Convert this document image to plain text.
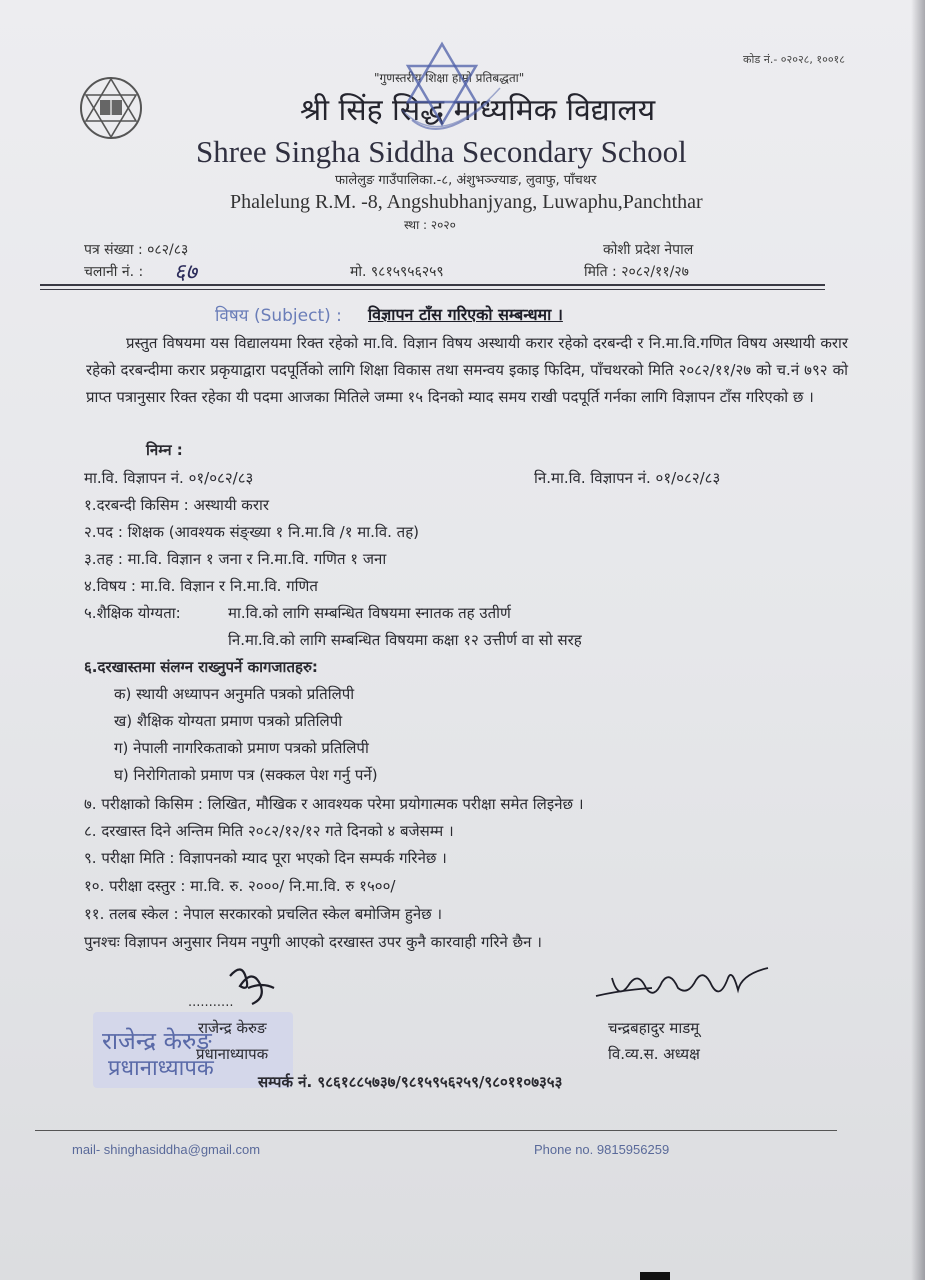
कोड नं.- ०२०२८, १००१८
"गुणस्तरीय शिक्षा हाम्रो प्रतिबद्धता"
श्री सिंह सिद्ध माध्यमिक विद्यालय
Shree Singha Siddha Secondary School
फालेलुङ गाउँपालिका.-८, अंशुभञ्ज्याङ, लुवाफु, पाँचथर
Phalelung R.M. -8, Angshubhanjyang, Luwaphu,Panchthar
स्था : २०२०
पत्र संख्या : ०८२/८३	कोशी प्रदेश नेपाल
चलानी नं. : ६७	मो. ९८१५९५६२५९	मिति : २०८२/११/२७
विषय (Subject) : विज्ञापन टाँस गरिएको सम्बन्धमा ।
प्रस्तुत विषयमा यस विद्यालयमा रिक्त रहेको मा.वि. विज्ञान विषय अस्थायी करार रहेको दरबन्दी र नि.मा.वि.गणित विषय अस्थायी करार रहेको दरबन्दीमा करार प्रकृयाद्वारा पदपूर्तिको लागि शिक्षा विकास तथा समन्वय इकाइ फिदिम, पाँचथरको मिति २०८२/११/२७ को च.नं ७९२ को प्राप्त पत्रानुसार रिक्त रहेका यी पदमा आजका मितिले जम्मा १५ दिनको म्याद समय राखी पदपूर्ति गर्नका लागि विज्ञापन टाँस गरिएको छ ।
निम्न :
मा.वि. विज्ञापन नं. ०१/०८२/८३	नि.मा.वि. विज्ञापन नं. ०१/०८२/८३
१.दरबन्दी किसिम : अस्थायी करार
२.पद : शिक्षक (आवश्यक संङ्ख्या १ नि.मा.वि /१ मा.वि. तह)
३.तह : मा.वि. विज्ञान १ जना र नि.मा.वि. गणित १ जना
४.विषय : मा.वि. विज्ञान र नि.मा.वि. गणित
५.शैक्षिक योग्यता:	मा.वि.को लागि सम्बन्धित विषयमा स्नातक तह उतीर्ण
नि.मा.वि.को लागि सम्बन्धित विषयमा कक्षा १२ उत्तीर्ण वा सो सरह
६.दरखास्तमा संलग्न राख्नुपर्ने कागजातहरु:
क) स्थायी अध्यापन अनुमति पत्रको प्रतिलिपी
ख) शैक्षिक योग्यता प्रमाण पत्रको प्रतिलिपी
ग) नेपाली नागरिकताको प्रमाण पत्रको प्रतिलिपी
घ) निरोगिताको प्रमाण पत्र (सक्कल पेश गर्नु पर्ने)
७. परीक्षाको किसिम : लिखित, मौखिक र आवश्यक परेमा प्रयोगात्मक परीक्षा समेत लिइनेछ ।
८. दरखास्त दिने अन्तिम मिति २०८२/१२/१२ गते दिनको ४ बजेसम्म ।
९. परीक्षा मिति : विज्ञापनको म्याद पूरा भएको दिन सम्पर्क गरिनेछ ।
१०. परीक्षा दस्तुर : मा.वि. रु. २०००/ नि.मा.वि. रु १५००/
११. तलब स्केल : नेपाल सरकारको प्रचलित स्केल बमोजिम हुनेछ ।
पुनश्चः विज्ञापन अनुसार नियम नपुगी आएको दरखास्त उपर कुनै कारवाही गरिने छैन ।
...........
राजेन्द्र केरुङ
प्रधानाध्यापक
राजेन्द्र केरुङ
प्रधानाध्यापक
चन्द्रबहादुर माडमू
वि.व्य.स. अध्यक्ष
सम्पर्क नं. ९८६१८८५७३७/९८१५९५६२५९/९८०११०७३५३
mail- shinghasiddha@gmail.com	Phone no. 9815956259
